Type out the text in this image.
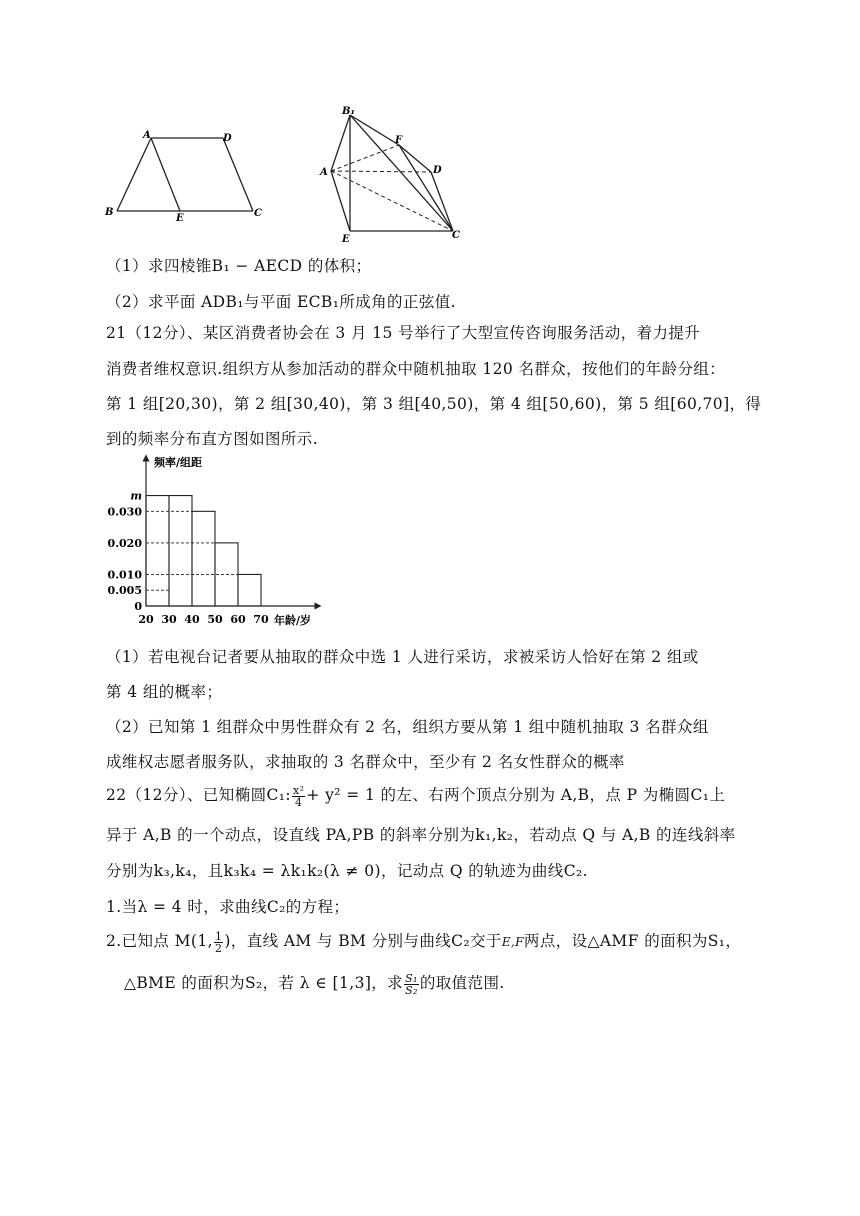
A	D
B
E	C
B₁
F
A	D
E	C
（1）求四棱锥B₁ − AECD 的体积；
（2）求平面 ADB₁与平面 ECB₁所成角的正弦值.
21（12分）、某区消费者协会在 3 月 15 号举行了大型宣传咨询服务活动，着力提升
消费者维权意识.组织方从参加活动的群众中随机抽取 120 名群众，按他们的年龄分组：
第 1 组[20,30)，第 2 组[30,40)，第 3 组[40,50)，第 4 组[50,60)，第 5 组[60,70]，得
到的频率分布直方图如图所示.
频率/组距
年龄/岁
m
0.030
0.020
0.010
0.005
0
20 30 40 50 60 70
（1）若电视台记者要从抽取的群众中选 1 人进行采访，求被采访人恰好在第 2 组或
第 4 组的概率；
（2）已知第 1 组群众中男性群众有 2 名，组织方要从第 1 组中随机抽取 3 名群众组
成维权志愿者服务队，求抽取的 3 名群众中，至少有 2 名女性群众的概率
22（12分）、已知椭圆C₁: $\frac{\text{x²}}{4} + y^2 = 1$ 的左、右两个顶点分别为 A,B，点 P 为椭圆C₁上
异于 A,B 的一个动点，设直线 PA,PB 的斜率分别为k₁,k₂，若动点 Q 与 A,B 的连线斜率
分别为k₃,k₄，且k₃k₄ = λk₁k₂(λ ≠ 0)，记动点 Q 的轨迹为曲线C₂.
1.当λ = 4 时，求曲线C₂的方程；
2.已知点 M(1, $\frac{1}{2}$ )，直线 AM 与 BM 分别与曲线C₂交于E,F两点，设△AMF 的面积为S₁，
△BME 的面积为S₂，若 λ ∈ [1,3]，求 $\frac{\text{S₁}}{\text{S₂}}$ 的取值范围.
